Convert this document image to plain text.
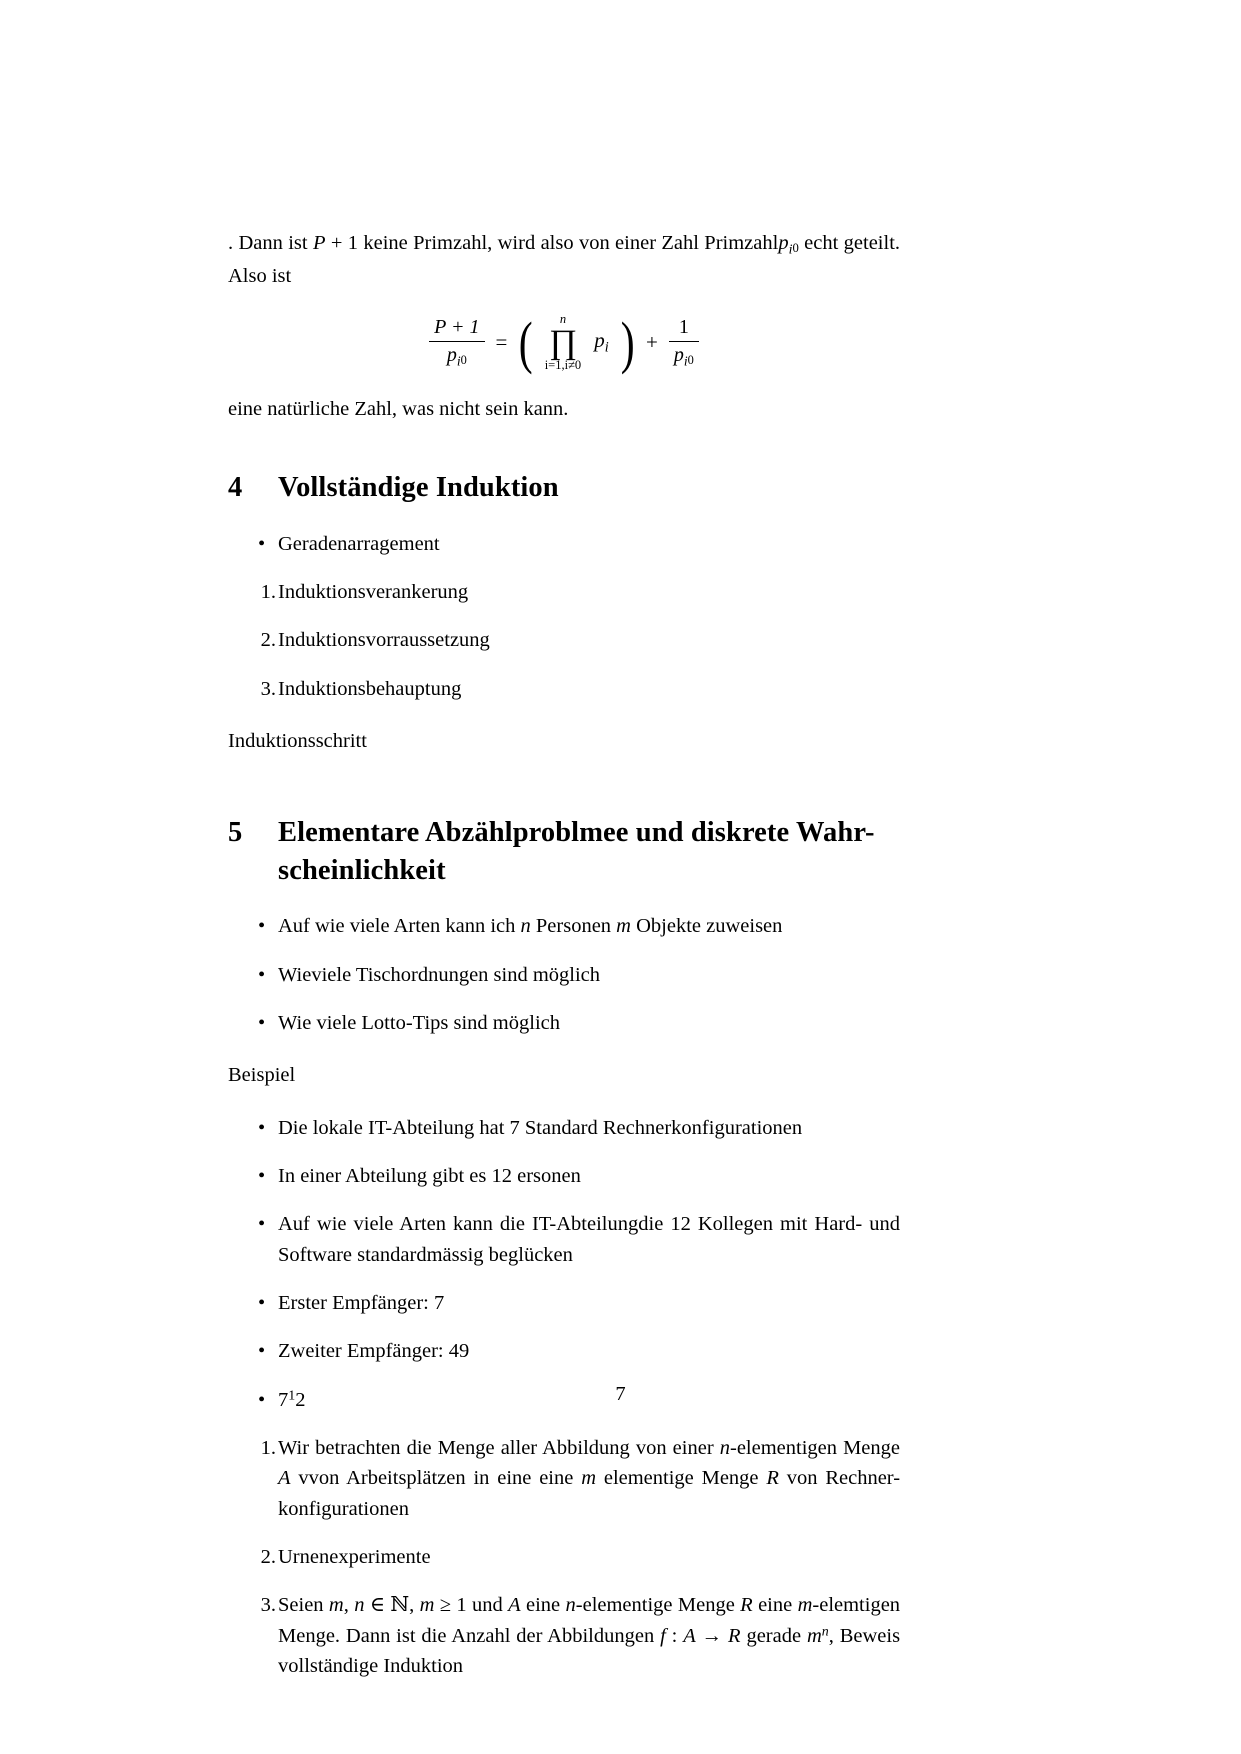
. Dann ist P + 1 keine Primzahl, wird also von einer Zahl Primzahlp$_i$0 echt geteilt. Also ist

$\frac{P + 1}{p_i0}$ = ( n
∏
i=1,i≠0
$p_i$ ) + $\frac{1}{p_i0}$

eine natürliche Zahl, was nicht sein kann.

4	Vollständige Induktion
• Geradenarragement
1. Induktionsverankerung
2. Induktionsvorraussetzung
3. Induktionsbehauptung

Induktionsschritt

5	Elementare Abzählproblmee und diskrete Wahr-
scheinlichkeit
• Auf wie viele Arten kann ich n Personen m Objekte zuweisen
• Wieviele Tischordnungen sind möglich
• Wie viele Lotto-Tips sind möglich

Beispiel

• Die lokale IT-Abteilung hat 7 Standard Rechnerkonfigurationen
• In einer Abteilung gibt es 12 ersonen
• Auf wie viele Arten kann die IT-Abteilungdie 12 Kollegen mit Hard- und Software standardmässig beglücken
• Erster Empfänger: 7
• Zweiter Empfänger: 49
• $7^12$
1. Wir betrachten die Menge aller Abbildung von einer n-elementigen Menge A vvon Arbeitsplätzen in eine eine m elementige Menge R von Rechner-konfigurationen
2. Urnenexperimente
3. Seien m, n ∈ ℕ, m ≥ 1 und A eine n-elementige Menge R eine m-elemtigen Menge. Dann ist die Anzahl der Abbildungen f : A → R gerade $m^n$, Beweis vollständige Induktion
7
